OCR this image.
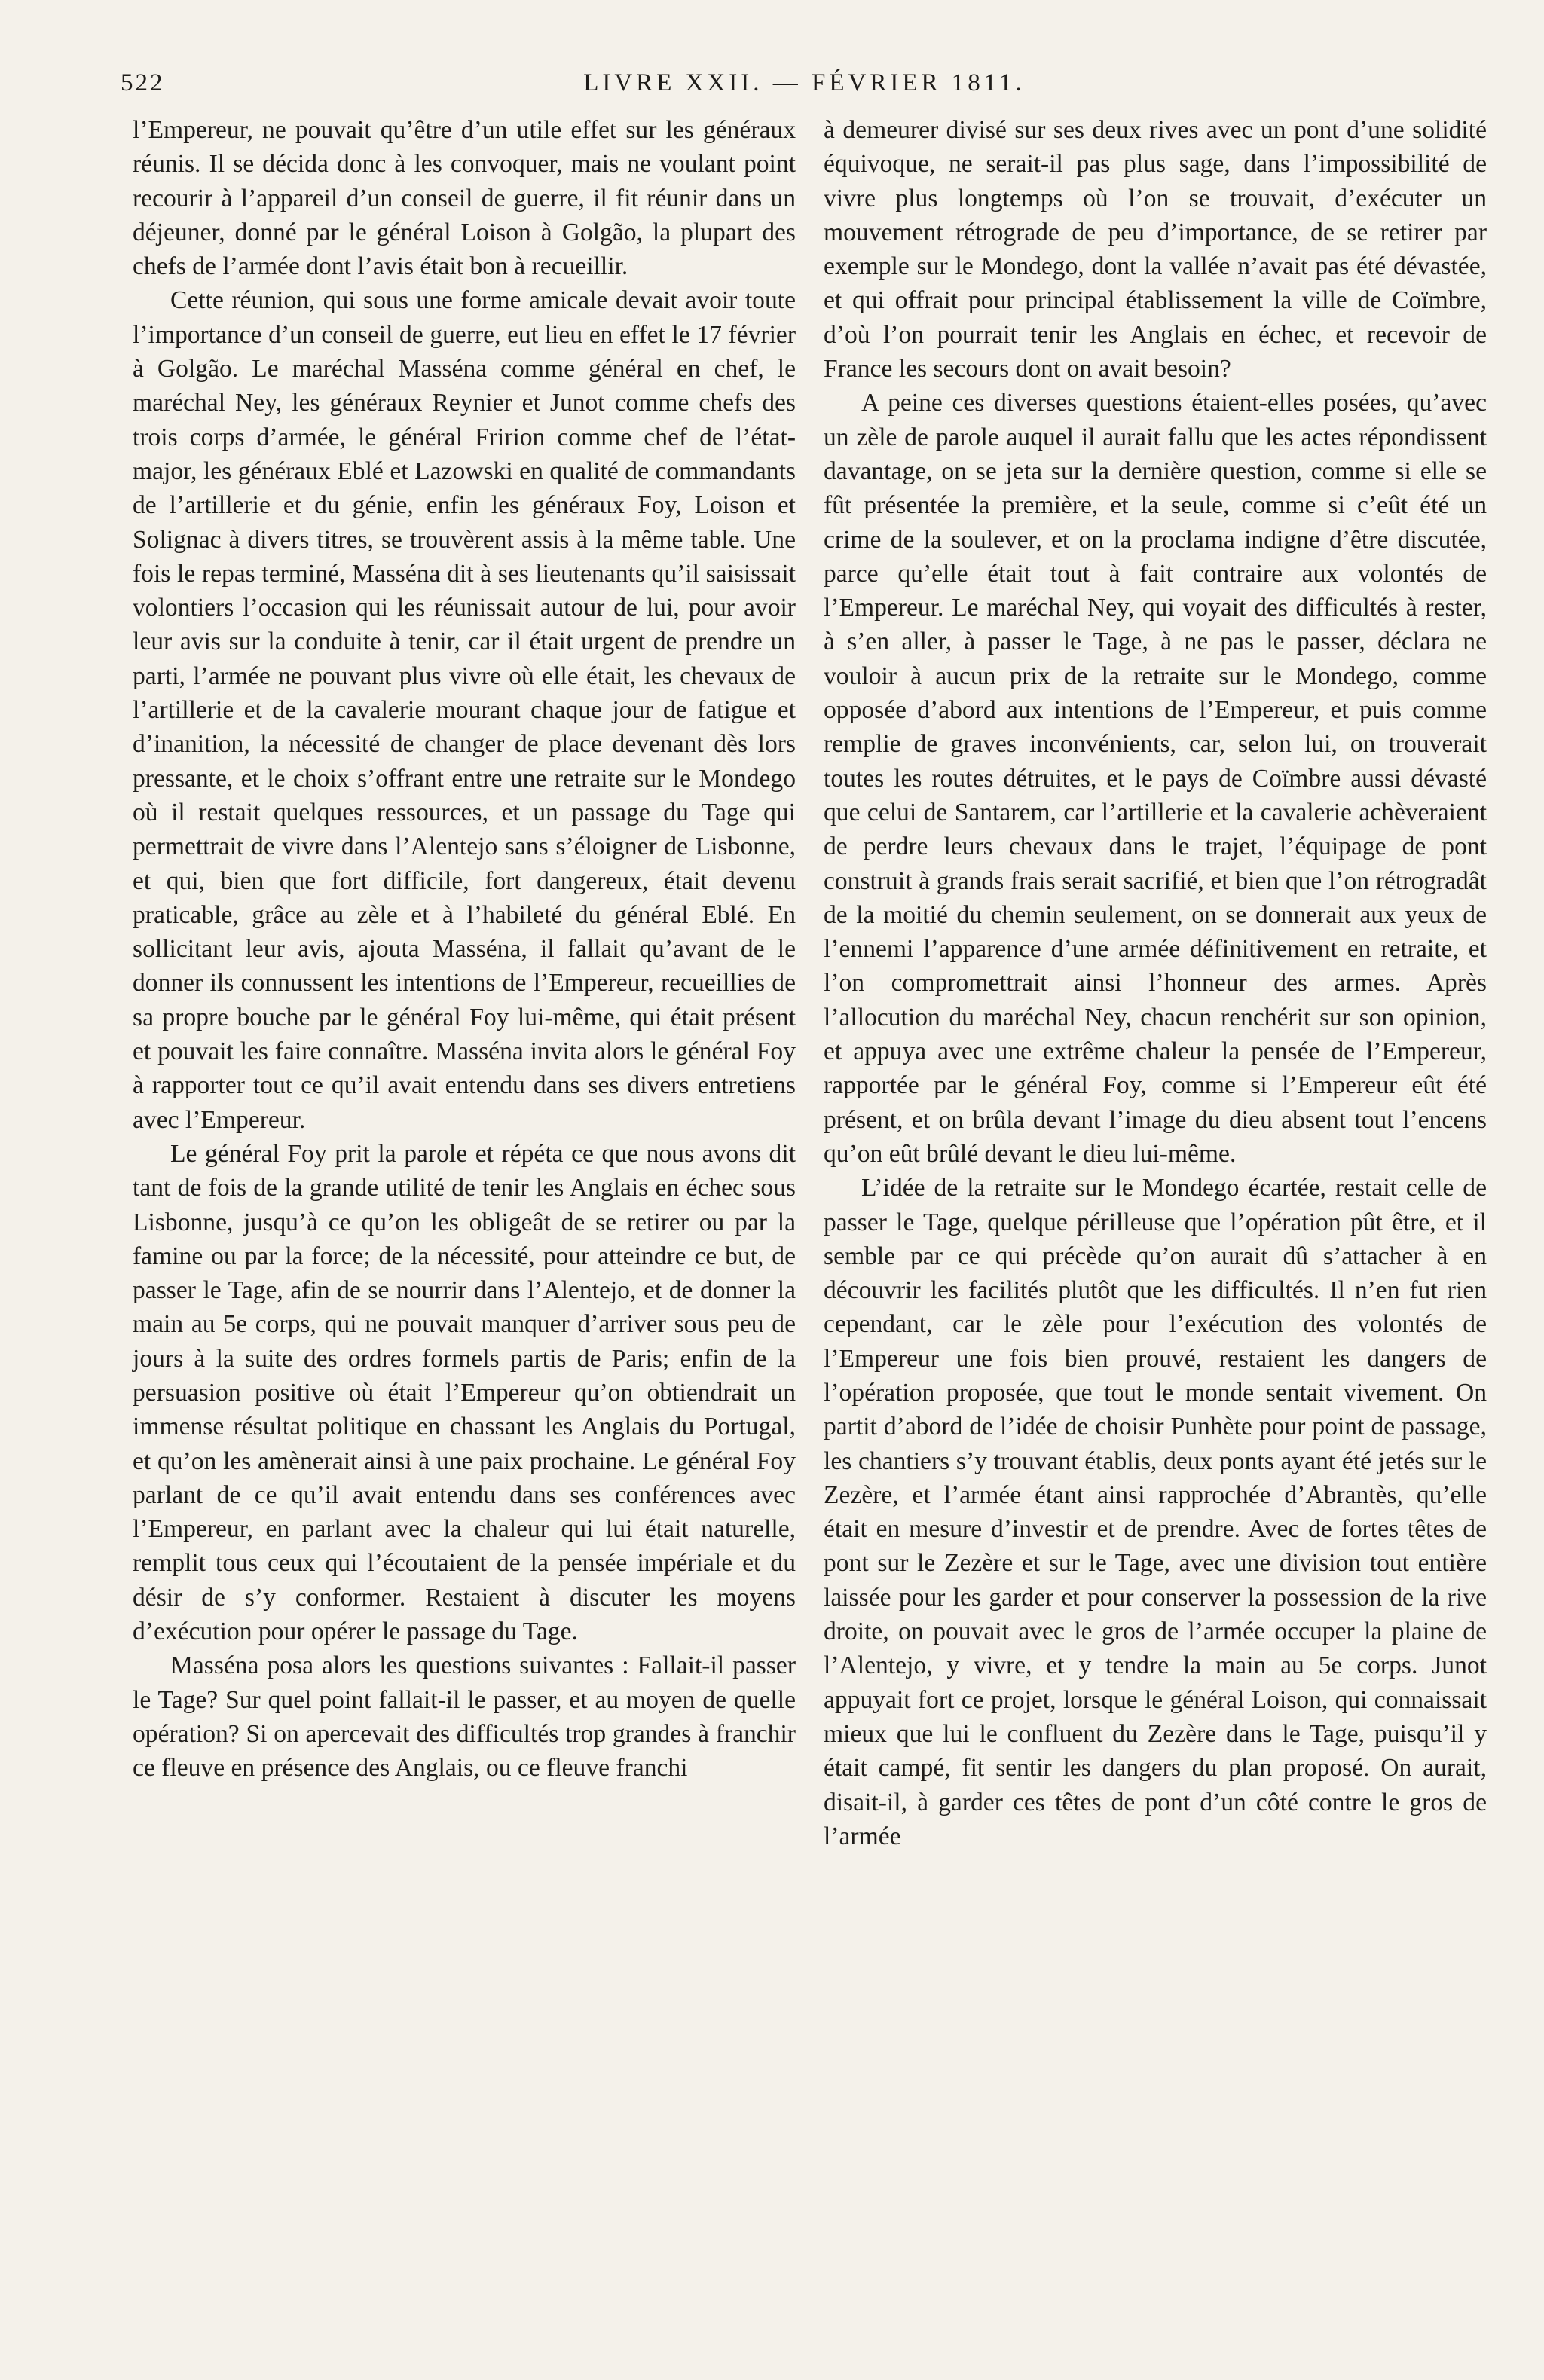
522	LIVRE XXII. — FÉVRIER 1811.

l’Empereur, ne pouvait qu’être d’un utile effet sur les généraux réunis. Il se décida donc à les convoquer, mais ne voulant point recourir à l’appareil d’un conseil de guerre, il fit réunir dans un déjeuner, donné par le général Loison à Golgão, la plupart des chefs de l’armée dont l’avis était bon à recueillir.

Cette réunion, qui sous une forme amicale devait avoir toute l’importance d’un conseil de guerre, eut lieu en effet le 17 février à Golgão. Le maréchal Masséna comme général en chef, le maréchal Ney, les généraux Reynier et Junot comme chefs des trois corps d’armée, le général Fririon comme chef de l’état-major, les généraux Eblé et Lazowski en qualité de commandants de l’artillerie et du génie, enfin les généraux Foy, Loison et Solignac à divers titres, se trouvèrent assis à la même table. Une fois le repas terminé, Masséna dit à ses lieutenants qu’il saisissait volontiers l’occasion qui les réunissait autour de lui, pour avoir leur avis sur la conduite à tenir, car il était urgent de prendre un parti, l’armée ne pouvant plus vivre où elle était, les chevaux de l’artillerie et de la cavalerie mourant chaque jour de fatigue et d’inanition, la nécessité de changer de place devenant dès lors pressante, et le choix s’offrant entre une retraite sur le Mondego où il restait quelques ressources, et un passage du Tage qui permettrait de vivre dans l’Alentejo sans s’éloigner de Lisbonne, et qui, bien que fort difficile, fort dangereux, était devenu praticable, grâce au zèle et à l’habileté du général Eblé. En sollicitant leur avis, ajouta Masséna, il fallait qu’avant de le donner ils connussent les intentions de l’Empereur, recueillies de sa propre bouche par le général Foy lui-même, qui était présent et pouvait les faire connaître. Masséna invita alors le général Foy à rapporter tout ce qu’il avait entendu dans ses divers entretiens avec l’Empereur.

Le général Foy prit la parole et répéta ce que nous avons dit tant de fois de la grande utilité de tenir les Anglais en échec sous Lisbonne, jusqu’à ce qu’on les obligeât de se retirer ou par la famine ou par la force; de la nécessité, pour atteindre ce but, de passer le Tage, afin de se nourrir dans l’Alentejo, et de donner la main au 5e corps, qui ne pouvait manquer d’arriver sous peu de jours à la suite des ordres formels partis de Paris; enfin de la persuasion positive où était l’Empereur qu’on obtiendrait un immense résultat politique en chassant les Anglais du Portugal, et qu’on les amènerait ainsi à une paix prochaine. Le général Foy parlant de ce qu’il avait entendu dans ses conférences avec l’Empereur, en parlant avec la chaleur qui lui était naturelle, remplit tous ceux qui l’écoutaient de la pensée impériale et du désir de s’y conformer. Restaient à discuter les moyens d’exécution pour opérer le passage du Tage.

Masséna posa alors les questions suivantes : Fallait-il passer le Tage? Sur quel point fallait-il le passer, et au moyen de quelle opération? Si on apercevait des difficultés trop grandes à franchir ce fleuve en présence des Anglais, ou ce fleuve franchi

à demeurer divisé sur ses deux rives avec un pont d’une solidité équivoque, ne serait-il pas plus sage, dans l’impossibilité de vivre plus longtemps où l’on se trouvait, d’exécuter un mouvement rétrograde de peu d’importance, de se retirer par exemple sur le Mondego, dont la vallée n’avait pas été dévastée, et qui offrait pour principal établissement la ville de Coïmbre, d’où l’on pourrait tenir les Anglais en échec, et recevoir de France les secours dont on avait besoin?

A peine ces diverses questions étaient-elles posées, qu’avec un zèle de parole auquel il aurait fallu que les actes répondissent davantage, on se jeta sur la dernière question, comme si elle se fût présentée la première, et la seule, comme si c’eût été un crime de la soulever, et on la proclama indigne d’être discutée, parce qu’elle était tout à fait contraire aux volontés de l’Empereur. Le maréchal Ney, qui voyait des difficultés à rester, à s’en aller, à passer le Tage, à ne pas le passer, déclara ne vouloir à aucun prix de la retraite sur le Mondego, comme opposée d’abord aux intentions de l’Empereur, et puis comme remplie de graves inconvénients, car, selon lui, on trouverait toutes les routes détruites, et le pays de Coïmbre aussi dévasté que celui de Santarem, car l’artillerie et la cavalerie achèveraient de perdre leurs chevaux dans le trajet, l’équipage de pont construit à grands frais serait sacrifié, et bien que l’on rétrogradât de la moitié du chemin seulement, on se donnerait aux yeux de l’ennemi l’apparence d’une armée définitivement en retraite, et l’on compromettrait ainsi l’honneur des armes. Après l’allocution du maréchal Ney, chacun renchérit sur son opinion, et appuya avec une extrême chaleur la pensée de l’Empereur, rapportée par le général Foy, comme si l’Empereur eût été présent, et on brûla devant l’image du dieu absent tout l’encens qu’on eût brûlé devant le dieu lui-même.

L’idée de la retraite sur le Mondego écartée, restait celle de passer le Tage, quelque périlleuse que l’opération pût être, et il semble par ce qui précède qu’on aurait dû s’attacher à en découvrir les facilités plutôt que les difficultés. Il n’en fut rien cependant, car le zèle pour l’exécution des volontés de l’Empereur une fois bien prouvé, restaient les dangers de l’opération proposée, que tout le monde sentait vivement. On partit d’abord de l’idée de choisir Punhète pour point de passage, les chantiers s’y trouvant établis, deux ponts ayant été jetés sur le Zezère, et l’armée étant ainsi rapprochée d’Abrantès, qu’elle était en mesure d’investir et de prendre. Avec de fortes têtes de pont sur le Zezère et sur le Tage, avec une division tout entière laissée pour les garder et pour conserver la possession de la rive droite, on pouvait avec le gros de l’armée occuper la plaine de l’Alentejo, y vivre, et y tendre la main au 5e corps. Junot appuyait fort ce projet, lorsque le général Loison, qui connaissait mieux que lui le confluent du Zezère dans le Tage, puisqu’il y était campé, fit sentir les dangers du plan proposé. On aurait, disait-il, à garder ces têtes de pont d’un côté contre le gros de l’armée
